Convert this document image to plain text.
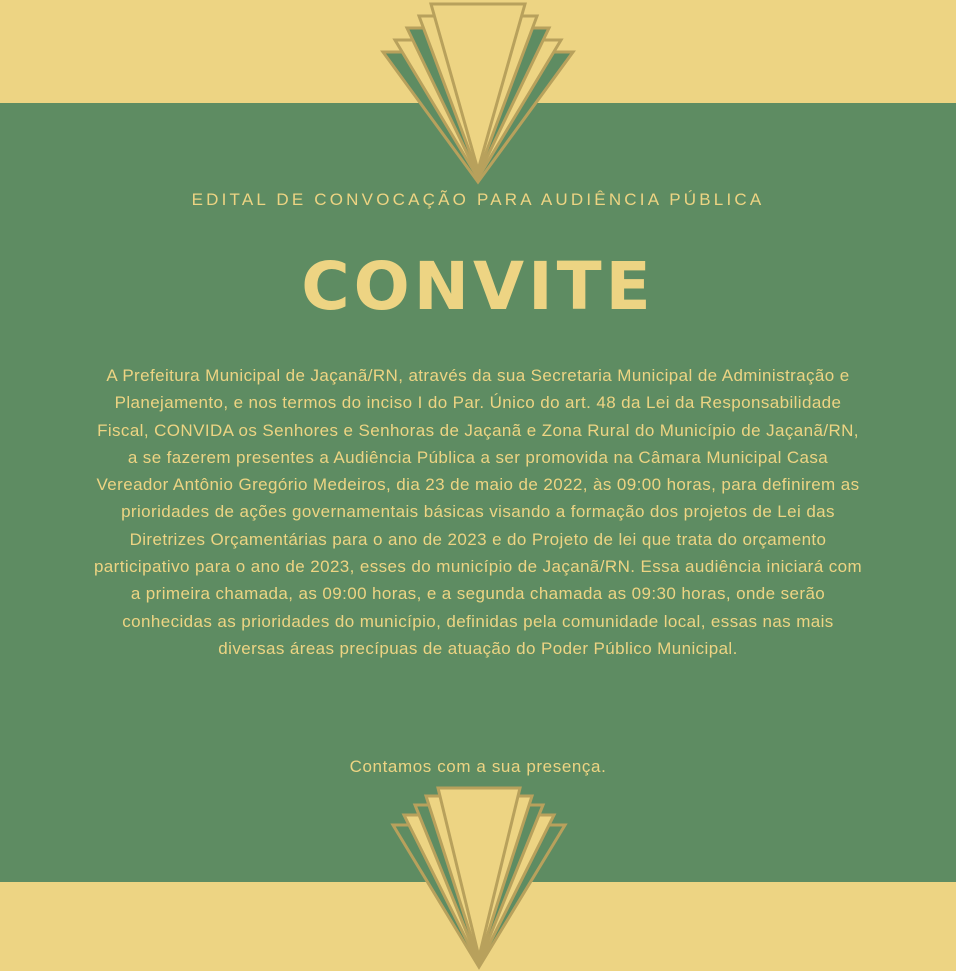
EDITAL DE CONVOCAÇÃO PARA AUDIÊNCIA PÚBLICA
CONVITE
A Prefeitura Municipal de Jaçanã/RN, através da sua Secretaria Municipal de Administração e Planejamento, e nos termos do inciso I do Par. Único do art. 48 da Lei da Responsabilidade Fiscal, CONVIDA os Senhores e Senhoras de Jaçanã e Zona Rural do Município de Jaçanã/RN, a se fazerem presentes a Audiência Pública a ser promovida na Câmara Municipal Casa Vereador Antônio Gregório Medeiros, dia 23 de maio de 2022, às 09:00 horas, para definirem as prioridades de ações governamentais básicas visando a formação dos projetos de Lei das Diretrizes Orçamentárias para o ano de 2023 e do Projeto de lei que trata do orçamento participativo para o ano de 2023, esses do município de Jaçanã/RN. Essa audiência iniciará com a primeira chamada, as 09:00 horas, e a segunda chamada as 09:30 horas, onde serão conhecidas as prioridades do município, definidas pela comunidade local, essas nas mais diversas áreas precípuas de atuação do Poder Público Municipal.
Contamos com a sua presença.
